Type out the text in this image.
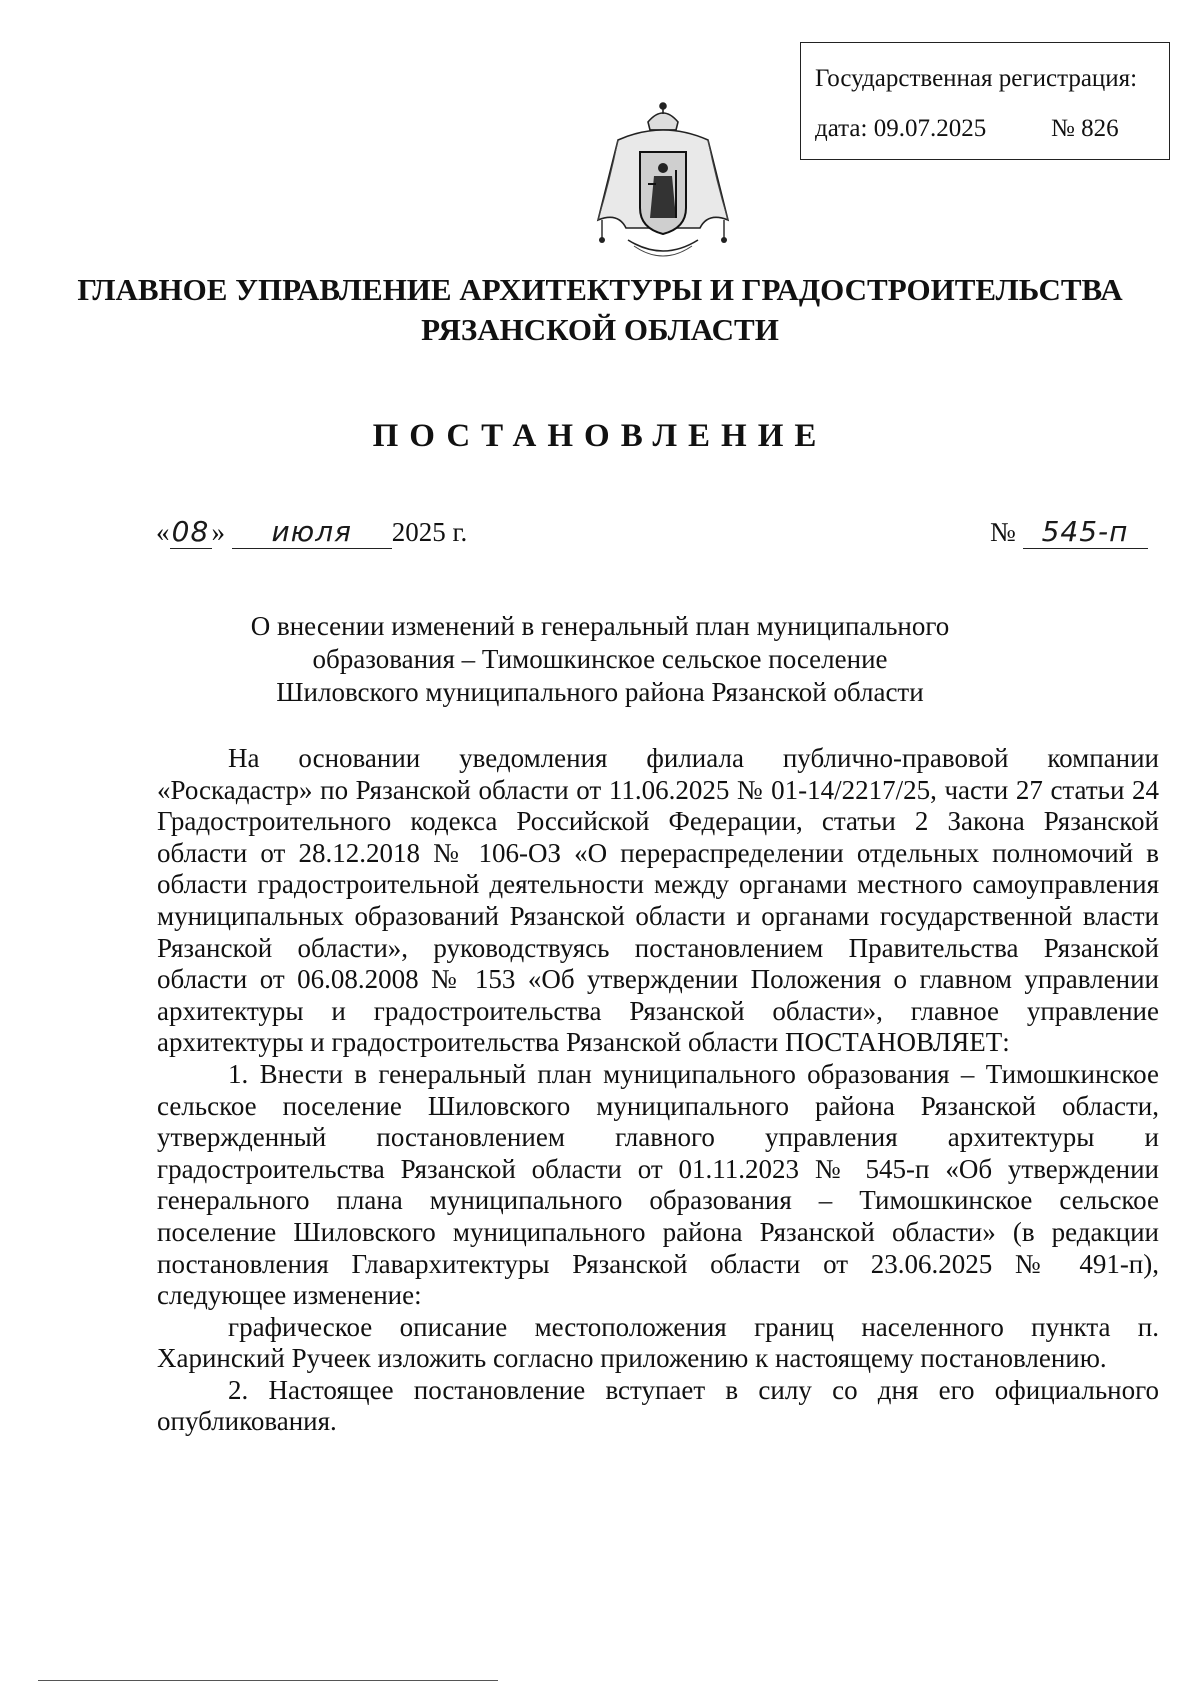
Государственная регистрация:
дата: 09.07.2025	№ 826
ГЛАВНОЕ УПРАВЛЕНИЕ АРХИТЕКТУРЫ И ГРАДОСТРОИТЕЛЬСТВА
РЯЗАНСКОЙ ОБЛАСТИ
ПОСТАНОВЛЕНИЕ
«08» июля 2025 г.	№ 545-п
О внесении изменений в генеральный план муниципального
образования – Тимошкинское сельское поселение
Шиловского муниципального района Рязанской области

На основании уведомления филиала публично-правовой компании «Роскадастр» по Рязанской области от 11.06.2025 № 01-14/2217/25, части 27 статьи 24 Градостроительного кодекса Российской Федерации, статьи 2 Закона Рязанской области от 28.12.2018 № 106-ОЗ «О перераспределении отдельных полномочий в области градостроительной деятельности между органами местного самоуправления муниципальных образований Рязанской области и органами государственной власти Рязанской области», руководствуясь постановлением Правительства Рязанской области от 06.08.2008 № 153 «Об утверждении Положения о главном управлении архитектуры и градостроительства Рязанской области», главное управление архитектуры и градостроительства Рязанской области ПОСТАНОВЛЯЕТ:

1. Внести в генеральный план муниципального образования – Тимошкинское сельское поселение Шиловского муниципального района Рязанской области, утвержденный постановлением главного управления архитектуры и градостроительства Рязанской области от 01.11.2023 № 545-п «Об утверждении генерального плана муниципального образования – Тимошкинское сельское поселение Шиловского муниципального района Рязанской области» (в редакции постановления Главархитектуры Рязанской области от 23.06.2025 № 491-п), следующее изменение:

графическое описание местоположения границ населенного пункта п. Харинский Ручеек изложить согласно приложению к настоящему постановлению.

2. Настоящее постановление вступает в силу со дня его официального опубликования.
